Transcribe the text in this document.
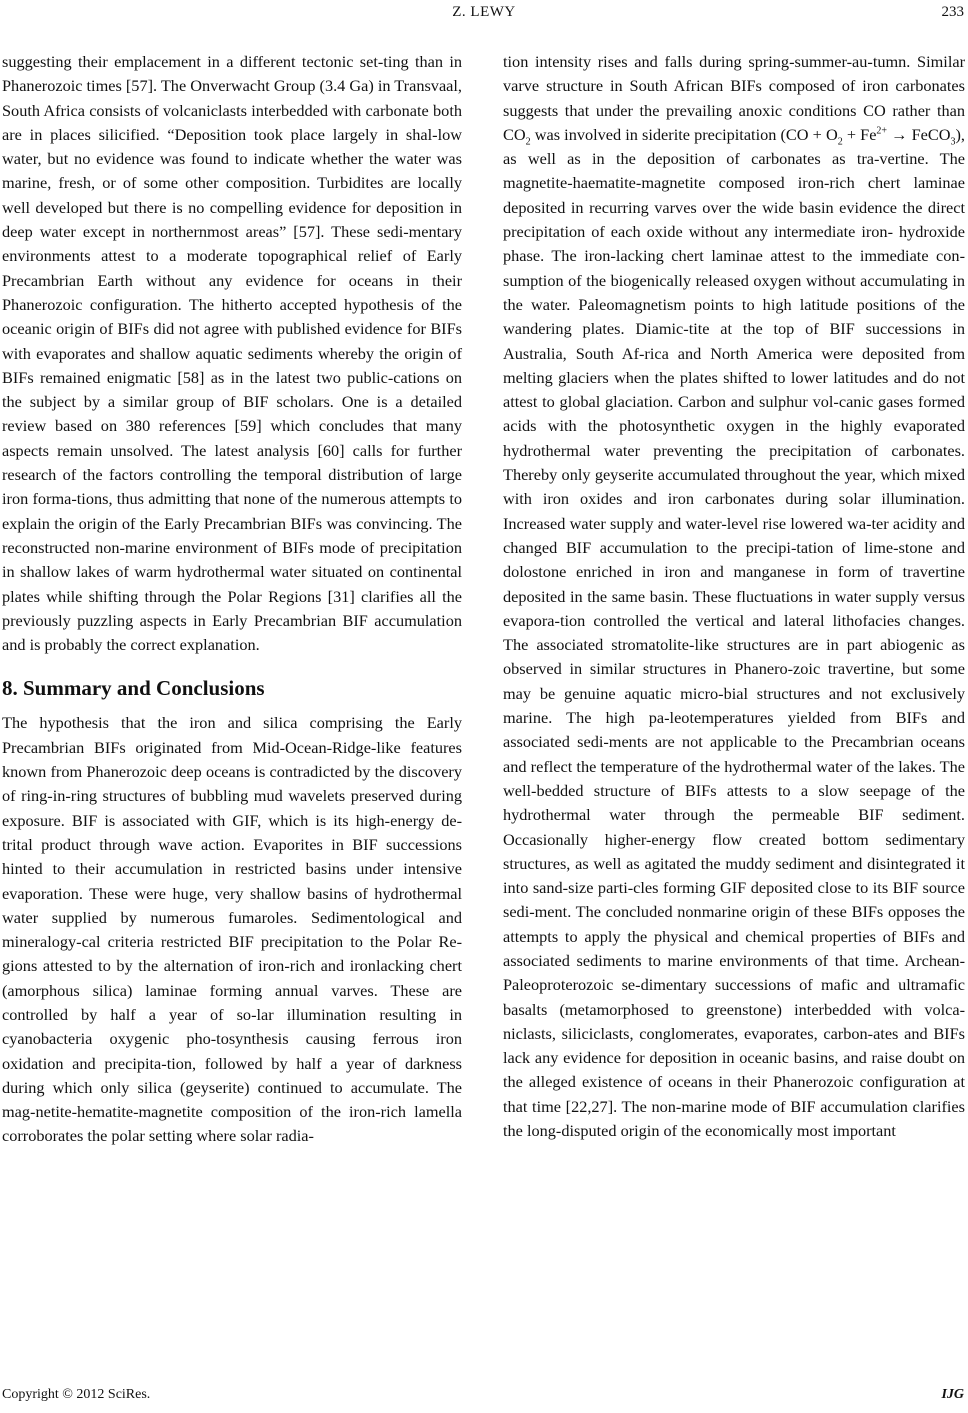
Z. LEWY	233

suggesting their emplacement in a different tectonic set-ting than in Phanerozoic times [57]. The Onverwacht Group (3.4 Ga) in Transvaal, South Africa consists of volcaniclasts interbedded with carbonate both are in places silicified. “Deposition took place largely in shal-low water, but no evidence was found to indicate whether the water was marine, fresh, or of some other composition. Turbidites are locally well developed but there is no compelling evidence for deposition in deep water except in northernmost areas” [57]. These sedi-mentary environments attest to a moderate topographical relief of Early Precambrian Earth without any evidence for oceans in their Phanerozoic configuration. The hitherto accepted hypothesis of the oceanic origin of BIFs did not agree with published evidence for BIFs with evaporates and shallow aquatic sediments whereby the origin of BIFs remained enigmatic [58] as in the latest two public-cations on the subject by a similar group of BIF scholars. One is a detailed review based on 380 references [59] which concludes that many aspects remain unsolved. The latest analysis [60] calls for further research of the factors controlling the temporal distribution of large iron forma-tions, thus admitting that none of the numerous attempts to explain the origin of the Early Precambrian BIFs was convincing. The reconstructed non-marine environment of BIFs mode of precipitation in shallow lakes of warm hydrothermal water situated on continental plates while shifting through the Polar Regions [31] clarifies all the previously puzzling aspects in Early Precambrian BIF accumulation and is probably the correct explanation.

8. Summary and Conclusions

The hypothesis that the iron and silica comprising the Early Precambrian BIFs originated from Mid-Ocean-Ridge-like features known from Phanerozoic deep oceans is contradicted by the discovery of ring-in-ring structures of bubbling mud wavelets preserved during exposure. BIF is associated with GIF, which is its high-energy de-trital product through wave action. Evaporites in BIF successions hinted to their accumulation in restricted basins under intensive evaporation. These were huge, very shallow basins of hydrothermal water supplied by numerous fumaroles. Sedimentological and mineralogy-cal criteria restricted BIF precipitation to the Polar Re-gions attested to by the alternation of iron-rich and ironlacking chert (amorphous silica) laminae forming annual varves. These are controlled by half a year of so-lar illumination resulting in cyanobacteria oxygenic pho-tosynthesis causing ferrous iron oxidation and precipita-tion, followed by half a year of darkness during which only silica (geyserite) continued to accumulate. The mag-netite-hematite-magnetite composition of the iron-rich lamella corroborates the polar setting where solar radia-

tion intensity rises and falls during spring-summer-au-tumn. Similar varve structure in South African BIFs composed of iron carbonates suggests that under the prevailing anoxic conditions CO rather than $CO_2$ was involved in siderite precipitation ($CO + O_2 + Fe^{2+}$ → FeCO$_3$), as well as in the deposition of carbonates as tra-vertine. The magnetite-haematite-magnetite composed iron-rich chert laminae deposited in recurring varves over the wide basin evidence the direct precipitation of each oxide without any intermediate iron- hydroxide phase. The iron-lacking chert laminae attest to the immediate con-sumption of the biogenically released oxygen without accumulating in the water. Paleomagnetism points to high latitude positions of the wandering plates. Diamic-tite at the top of BIF successions in Australia, South Af-rica and North America were deposited from melting glaciers when the plates shifted to lower latitudes and do not attest to global glaciation. Carbon and sulphur vol-canic gases formed acids with the photosynthetic oxygen in the highly evaporated hydrothermal water preventing the precipitation of carbonates. Thereby only geyserite accumulated throughout the year, which mixed with iron oxides and iron carbonates during solar illumination. Increased water supply and water-level rise lowered wa-ter acidity and changed BIF accumulation to the precipi-tation of lime-stone and dolostone enriched in iron and manganese in form of travertine deposited in the same basin. These fluctuations in water supply versus evapora-tion controlled the vertical and lateral lithofacies changes. The associated stromatolite-like structures are in part abiogenic as observed in similar structures in Phanero-zoic travertine, but some may be genuine aquatic micro-bial structures and not exclusively marine. The high pa-leotemperatures yielded from BIFs and associated sedi-ments are not applicable to the Precambrian oceans and reflect the temperature of the hydrothermal water of the lakes. The well-bedded structure of BIFs attests to a slow seepage of the hydrothermal water through the permeable BIF sediment. Occasionally higher-energy flow created bottom sedimentary structures, as well as agitated the muddy sediment and disintegrated it into sand-size parti-cles forming GIF deposited close to its BIF source sedi-ment. The concluded nonmarine origin of these BIFs opposes the attempts to apply the physical and chemical properties of BIFs and associated sediments to marine environments of that time. Archean-Paleoproterozoic se-dimentary successions of mafic and ultramafic basalts (metamorphosed to greenstone) interbedded with volca-niclasts, siliciclasts, conglomerates, evaporates, carbon-ates and BIFs lack any evidence for deposition in oceanic basins, and raise doubt on the alleged existence of oceans in their Phanerozoic configuration at that time [22,27]. The non-marine mode of BIF accumulation clarifies the long-disputed origin of the economically most important

Copyright © 2012 SciRes.	IJG
